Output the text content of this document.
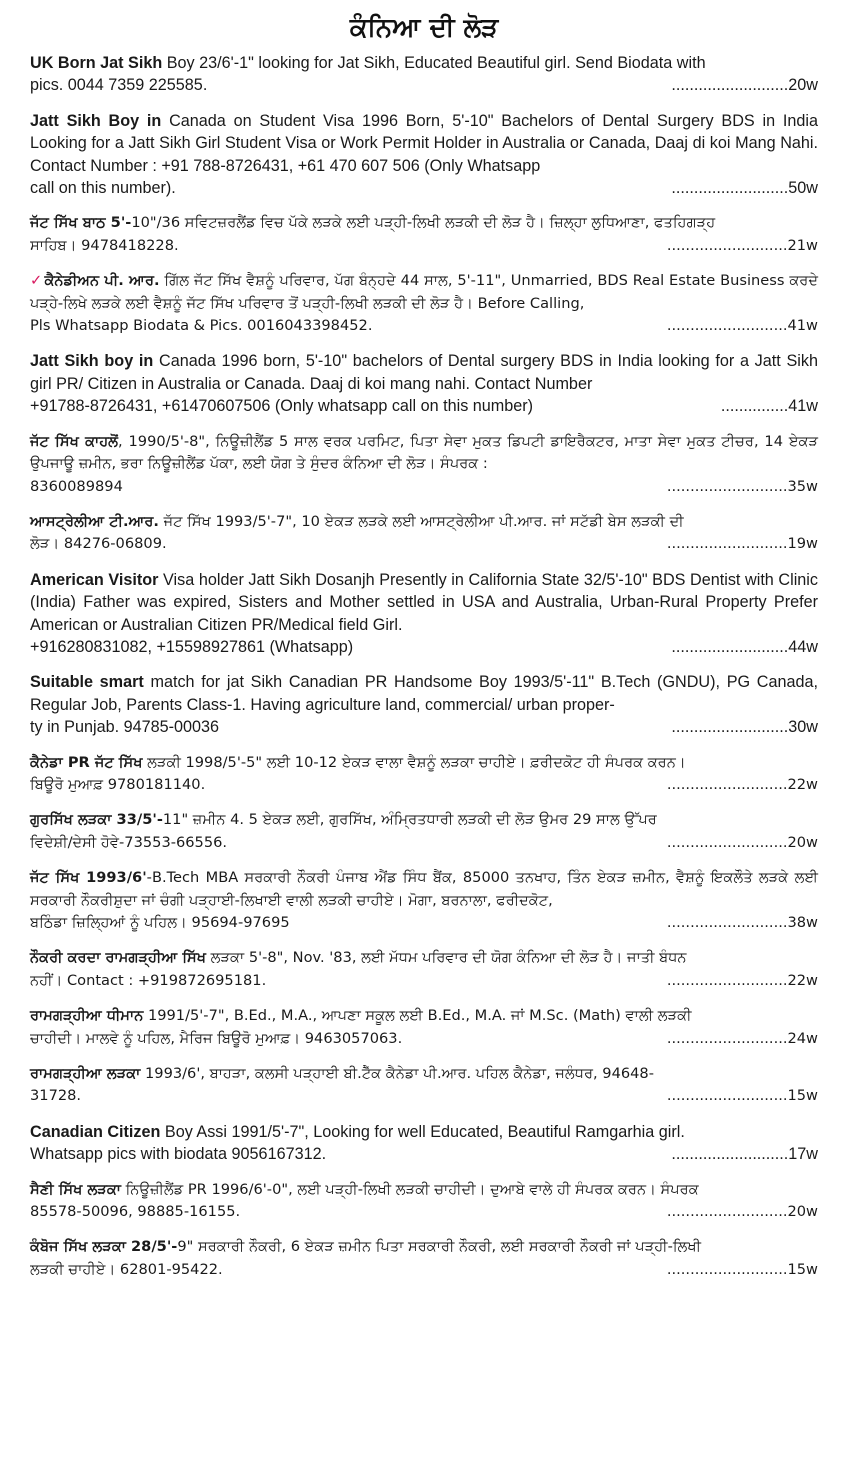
ਕੰਨਿਆ ਦੀ ਲੋੜ
UK Born Jat Sikh Boy 23/6'-1" looking for Jat Sikh, Educated Beautiful girl. Send Biodata with
pics. 0044 7359 225585.	..........................20w
Jatt Sikh Boy in Canada on Student Visa 1996 Born, 5'-10" Bachelors of Dental Surgery BDS in India Looking for a Jatt Sikh Girl Student Visa or Work Permit Holder in Australia or Canada, Daaj di koi Mang Nahi. Contact Number : +91 788-8726431, +61 470 607 506 (Only Whatsapp
call on this number).	..........................50w
ਜੱਟ ਸਿੱਖ ਬਾਠ 5'-10"/36 ਸਵਿਟਜ਼ਰਲੈਂਡ ਵਿਚ ਪੱਕੇ ਲੜਕੇ ਲਈ ਪੜ੍ਹੀ-ਲਿਖੀ ਲੜਕੀ ਦੀ ਲੋੜ ਹੈ। ਜ਼ਿਲ੍ਹਾ ਲੁਧਿਆਣਾ, ਫਤਹਿਗੜ੍ਹ
ਸਾਹਿਬ। 9478418228.	..........................21w
✓ ਕੈਨੇਡੀਅਨ ਪੀ. ਆਰ. ਗਿੱਲ ਜੱਟ ਸਿੱਖ ਵੈਸ਼ਨੂੰ ਪਰਿਵਾਰ, ਪੱਗ ਬੰਨ੍ਹਦੇ 44 ਸਾਲ, 5'-11", Unmarried, BDS Real Estate Business ਕਰਦੇ ਪੜ੍ਹੇ-ਲਿਖੇ ਲੜਕੇ ਲਈ ਵੈਸ਼ਨੂੰ ਜੱਟ ਸਿੱਖ ਪਰਿਵਾਰ ਤੋਂ ਪੜ੍ਹੀ-ਲਿਖੀ ਲੜਕੀ ਦੀ ਲੋੜ ਹੈ। Before Calling,
Pls Whatsapp Biodata & Pics. 0016043398452.	..........................41w
Jatt Sikh boy in Canada 1996 born, 5'-10" bachelors of Dental surgery BDS in India looking for a Jatt Sikh girl PR/ Citizen in Australia or Canada. Daaj di koi mang nahi. Contact Number
+91788-8726431, +61470607506 (Only whatsapp call on this number)	...............41w
ਜੱਟ ਸਿੱਖ ਕਾਹਲੋਂ, 1990/5'-8", ਨਿਊਜ਼ੀਲੈਂਡ 5 ਸਾਲ ਵਰਕ ਪਰਮਿਟ, ਪਿਤਾ ਸੇਵਾ ਮੁਕਤ ਡਿਪਟੀ ਡਾਇਰੈਕਟਰ, ਮਾਤਾ ਸੇਵਾ ਮੁਕਤ ਟੀਚਰ, 14 ਏਕੜ ਉਪਜਾਊ ਜ਼ਮੀਨ, ਭਰਾ ਨਿਊਜ਼ੀਲੈਂਡ ਪੱਕਾ, ਲਈ ਯੋਗ ਤੇ ਸੁੰਦਰ ਕੰਨਿਆ ਦੀ ਲੋੜ। ਸੰਪਰਕ :
8360089894	..........................35w
ਆਸਟ੍ਰੇਲੀਆ ਟੀ.ਆਰ. ਜੱਟ ਸਿੱਖ 1993/5'-7", 10 ਏਕੜ ਲੜਕੇ ਲਈ ਆਸਟ੍ਰੇਲੀਆ ਪੀ.ਆਰ. ਜਾਂ ਸਟੱਡੀ ਬੇਸ ਲੜਕੀ ਦੀ
ਲੋੜ। 84276-06809.	..........................19w
American Visitor Visa holder Jatt Sikh Dosanjh Presently in California State 32/5'-10" BDS Dentist with Clinic (India) Father was expired, Sisters and Mother settled in USA and Australia, Urban-Rural Property Prefer American or Australian Citizen PR/Medical field Girl.
+916280831082, +15598927861 (Whatsapp)	..........................44w
Suitable smart match for jat Sikh Canadian PR Handsome Boy 1993/5'-11" B.Tech (GNDU), PG Canada, Regular Job, Parents Class-1. Having agriculture land, commercial/ urban proper-
ty in Punjab. 94785-00036	..........................30w
ਕੈਨੇਡਾ PR ਜੱਟ ਸਿੱਖ ਲੜਕੀ 1998/5'-5" ਲਈ 10-12 ਏਕੜ ਵਾਲਾ ਵੈਸ਼ਨੂੰ ਲੜਕਾ ਚਾਹੀਏ। ਫ਼ਰੀਦਕੋਟ ਹੀ ਸੰਪਰਕ ਕਰਨ।
ਬਿਊਰੋ ਮੁਆਫ਼ 9780181140.	..........................22w
ਗੁਰਸਿੱਖ ਲੜਕਾ 33/5'-11" ਜ਼ਮੀਨ 4. 5 ਏਕੜ ਲਈ, ਗੁਰਸਿੱਖ, ਅੰਮ੍ਰਿਤਧਾਰੀ ਲੜਕੀ ਦੀ ਲੋੜ ਉਮਰ 29 ਸਾਲ ਉੱਪਰ
ਵਿਦੇਸ਼ੀ/ਦੇਸੀ ਹੋਵੇ-73553-66556.	..........................20w
ਜੱਟ ਸਿੱਖ 1993/6'-B.Tech MBA ਸਰਕਾਰੀ ਨੌਕਰੀ ਪੰਜਾਬ ਐਂਡ ਸਿੰਧ ਬੈਂਕ, 85000 ਤਨਖਾਹ, ਤਿੰਨ ਏਕੜ ਜ਼ਮੀਨ, ਵੈਸ਼ਨੂੰ ਇਕਲੌਤੇ ਲੜਕੇ ਲਈ ਸਰਕਾਰੀ ਨੌਕਰੀਸ਼ੁਦਾ ਜਾਂ ਚੰਗੀ ਪੜ੍ਹਾਈ-ਲਿਖਾਈ ਵਾਲੀ ਲੜਕੀ ਚਾਹੀਏ। ਮੋਗਾ, ਬਰਨਾਲਾ, ਫਰੀਦਕੋਟ,
ਬਠਿੰਡਾ ਜ਼ਿਲ੍ਹਿਆਂ ਨੂੰ ਪਹਿਲ। 95694-97695	..........................38w
ਨੌਕਰੀ ਕਰਦਾ ਰਾਮਗੜ੍ਹੀਆ ਸਿੱਖ ਲੜਕਾ 5'-8", Nov. '83, ਲਈ ਮੱਧਮ ਪਰਿਵਾਰ ਦੀ ਯੋਗ ਕੰਨਿਆ ਦੀ ਲੋੜ ਹੈ। ਜਾਤੀ ਬੰਧਨ
ਨਹੀਂ। Contact : +919872695181.	..........................22w
ਰਾਮਗੜ੍ਹੀਆ ਧੀਮਾਨ 1991/5'-7", B.Ed., M.A., ਆਪਣਾ ਸਕੂਲ ਲਈ B.Ed., M.A. ਜਾਂ M.Sc. (Math) ਵਾਲੀ ਲੜਕੀ
ਚਾਹੀਦੀ। ਮਾਲਵੇ ਨੂੰ ਪਹਿਲ, ਮੈਰਿਜ ਬਿਊਰੋ ਮੁਆਫ਼। 9463057063.	..........................24w
ਰਾਮਗੜ੍ਹੀਆ ਲੜਕਾ 1993/6', ਬਾਹੜਾ, ਕਲਸੀ ਪੜ੍ਹਾਈ ਬੀ.ਟੈੱਕ ਕੈਨੇਡਾ ਪੀ.ਆਰ. ਪਹਿਲ ਕੈਨੇਡਾ, ਜਲੰਧਰ, 94648-
31728.	..........................15w
Canadian Citizen Boy Assi 1991/5'-7", Looking for well Educated, Beautiful Ramgarhia girl.
Whatsapp pics with biodata 9056167312.	..........................17w
ਸੈਣੀ ਸਿੱਖ ਲੜਕਾ ਨਿਊਜ਼ੀਲੈਂਡ PR 1996/6'-0", ਲਈ ਪੜ੍ਹੀ-ਲਿਖੀ ਲੜਕੀ ਚਾਹੀਦੀ। ਦੁਆਬੇ ਵਾਲੇ ਹੀ ਸੰਪਰਕ ਕਰਨ। ਸੰਪਰਕ
85578-50096, 98885-16155.	..........................20w
ਕੰਬੋਜ ਸਿੱਖ ਲੜਕਾ 28/5'-9" ਸਰਕਾਰੀ ਨੌਕਰੀ, 6 ਏਕੜ ਜ਼ਮੀਨ ਪਿਤਾ ਸਰਕਾਰੀ ਨੌਕਰੀ, ਲਈ ਸਰਕਾਰੀ ਨੌਕਰੀ ਜਾਂ ਪੜ੍ਹੀ-ਲਿਖੀ
ਲੜਕੀ ਚਾਹੀਏ। 62801-95422.	..........................15w
